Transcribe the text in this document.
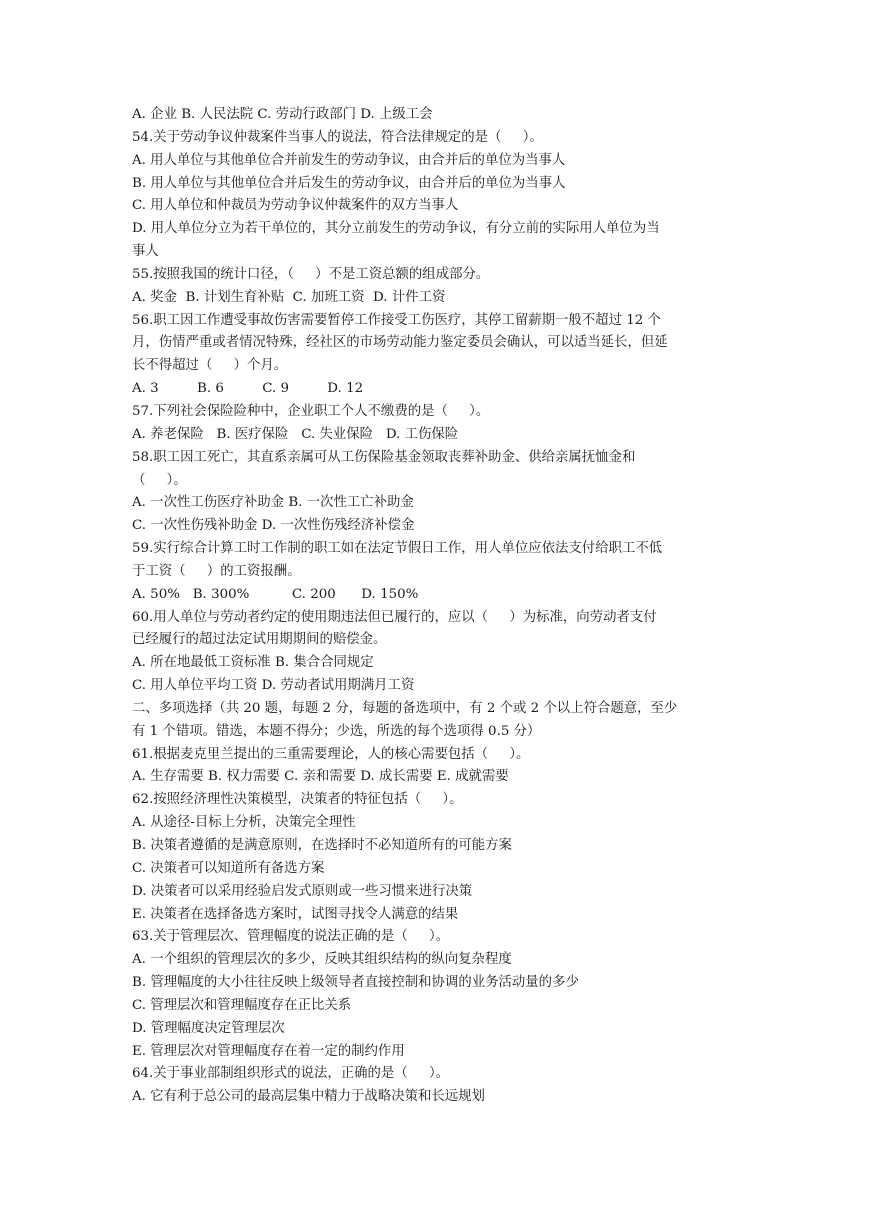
A. 企业 B. 人民法院 C. 劳动行政部门 D. 上级工会
54.关于劳动争议仲裁案件当事人的说法，符合法律规定的是（     ）。
A. 用人单位与其他单位合并前发生的劳动争议，由合并后的单位为当事人
B. 用人单位与其他单位合并后发生的劳动争议，由合并后的单位为当事人
C. 用人单位和仲裁员为劳动争议仲裁案件的双方当事人
D. 用人单位分立为若干单位的，其分立前发生的劳动争议，有分立前的实际用人单位为当
事人
55.按照我国的统计口径，（     ）不是工资总额的组成部分。
A. 奖金  B. 计划生育补贴  C. 加班工资  D. 计件工资
56.职工因工作遭受事故伤害需要暂停工作接受工伤医疗，其停工留薪期一般不超过 12 个
月，伤情严重或者情况特殊，经社区的市场劳动能力鉴定委员会确认，可以适当延长，但延
长不得超过（     ）个月。
A. 3         B. 6         C. 9         D. 12
57.下列社会保险险种中，企业职工个人不缴费的是（     ）。
A. 养老保险   B. 医疗保险   C. 失业保险   D. 工伤保险
58.职工因工死亡，其直系亲属可从工伤保险基金领取丧葬补助金、供给亲属抚恤金和
（     ）。
A. 一次性工伤医疗补助金 B. 一次性工亡补助金
C. 一次性伤残补助金 D. 一次性伤残经济补偿金
59.实行综合计算工时工作制的职工如在法定节假日工作，用人单位应依法支付给职工不低
于工资（     ）的工资报酬。
A. 50%   B. 300%          C. 200      D. 150%
60.用人单位与劳动者约定的使用期违法但已履行的，应以（     ）为标准，向劳动者支付
已经履行的超过法定试用期期间的赔偿金。
A. 所在地最低工资标准 B. 集合合同规定
C. 用人单位平均工资 D. 劳动者试用期满月工资
二、多项选择（共 20 题，每题 2 分，每题的备选项中，有 2 个或 2 个以上符合题意，至少
有 1 个错项。错选，本题不得分；少选，所选的每个选项得 0.5 分）
61.根据麦克里兰提出的三重需要理论，人的核心需要包括（     ）。
A. 生存需要 B. 权力需要 C. 亲和需要 D. 成长需要 E. 成就需要
62.按照经济理性决策模型，决策者的特征包括（     ）。
A. 从途径-目标上分析，决策完全理性
B. 决策者遵循的是满意原则，在选择时不必知道所有的可能方案
C. 决策者可以知道所有备选方案
D. 决策者可以采用经验启发式原则或一些习惯来进行决策
E. 决策者在选择备选方案时，试图寻找令人满意的结果
63.关于管理层次、管理幅度的说法正确的是（     ）。
A. 一个组织的管理层次的多少，反映其组织结构的纵向复杂程度
B. 管理幅度的大小往往反映上级领导者直接控制和协调的业务活动量的多少
C. 管理层次和管理幅度存在正比关系
D. 管理幅度决定管理层次
E. 管理层次对管理幅度存在着一定的制约作用
64.关于事业部制组织形式的说法，正确的是（     ）。
A. 它有利于总公司的最高层集中精力于战略决策和长远规划
